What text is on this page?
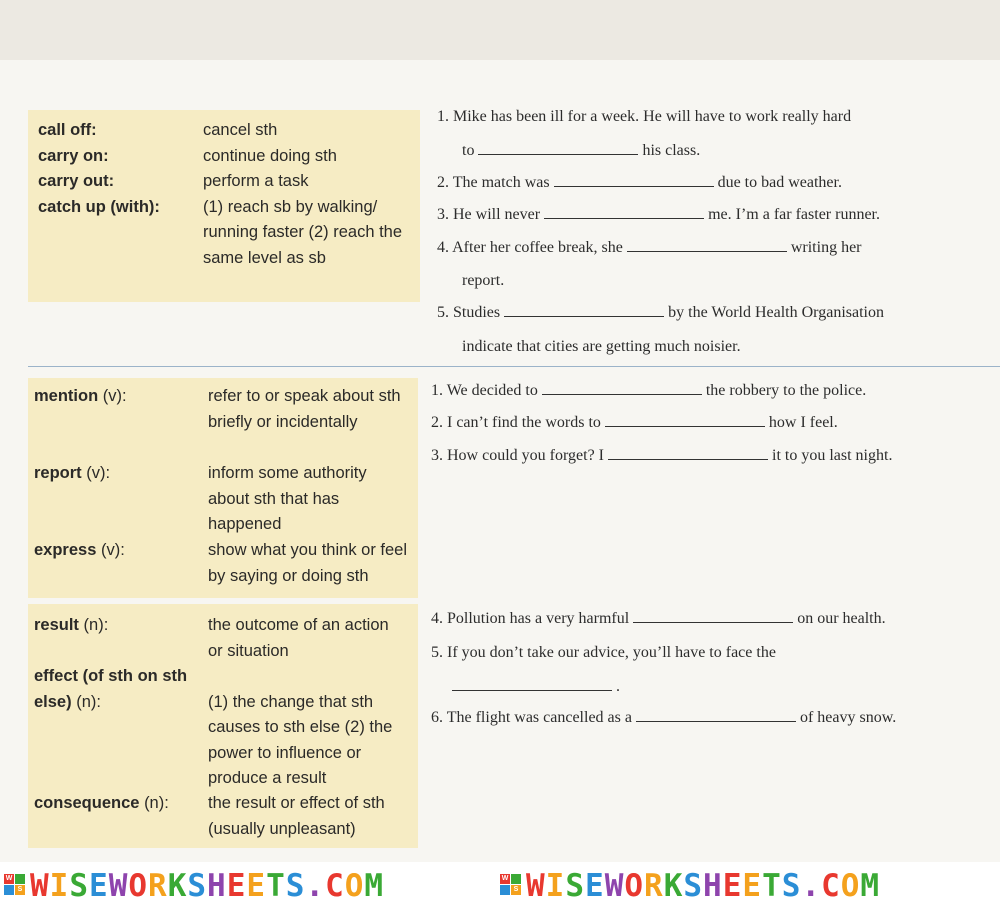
call off:	cancel sth
carry on:	continue doing sth
carry out:	perform a task
catch up (with):	(1) reach sb by walking/ running faster (2) reach the same level as sb
1. Mike has been ill for a week. He will have to work really hard
to	his class.
2. The match was	due to bad weather.
3. He will never	me. I’m a far faster runner.
4. After her coffee break, she	writing her
report.
5. Studies	by the World Health Organisation
indicate that cities are getting much noisier.
mention (v):	refer to or speak about sth briefly or incidentally
report (v):	inform some authority about sth that has happened
express (v):	show what you think or feel by saying or doing sth
1. We decided to	the robbery to the police.
2. I can’t find the words to	how I feel.
3. How could you forget? I	it to you last night.
result (n):	the outcome of an action or situation
effect (of sth on sth else) (n):	(1) the change that sth causes to sth else (2) the power to influence or produce a result
consequence (n): the result or effect of sth (usually unpleasant)
4. Pollution has a very harmful	on our health.
5. If you don’t take our advice, you’ll have to face the
.
6. The flight was cancelled as a	of heavy snow.
W
S WISEWORKSHEETS.COM	W
S WISEWORKSHEETS.COM
